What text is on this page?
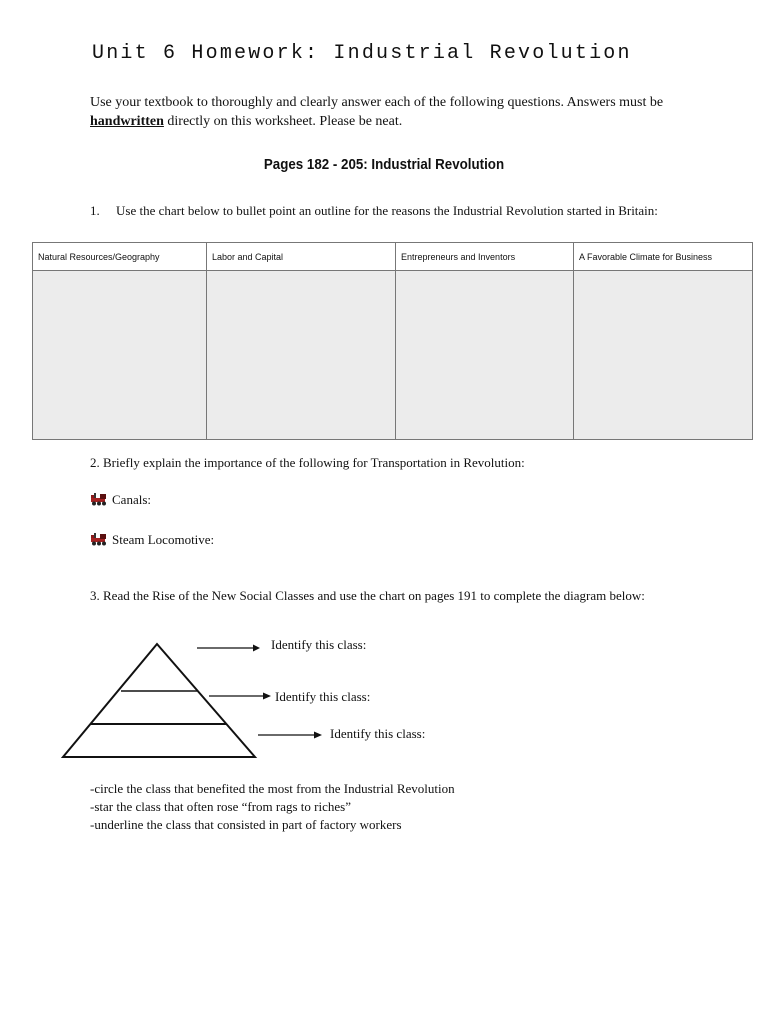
Unit 6 Homework: Industrial Revolution
Use your textbook to thoroughly and clearly answer each of the following questions. Answers must be handwritten directly on this worksheet. Please be neat.
Pages 182 - 205: Industrial Revolution
1. Use the chart below to bullet point an outline for the reasons the Industrial Revolution started in Britain:
Natural Resources/Geography	Labor and Capital	Entrepreneurs and Inventors	A Favorable Climate for Business

2. Briefly explain the importance of the following for Transportation in Revolution:
Canals:
Steam Locomotive:
3. Read the Rise of the New Social Classes and use the chart on pages 191 to complete the diagram below:
Identify this class:
Identify this class:
Identify this class:
-circle the class that benefited the most from the Industrial Revolution
-star the class that often rose “from rags to riches”
-underline the class that consisted in part of factory workers
